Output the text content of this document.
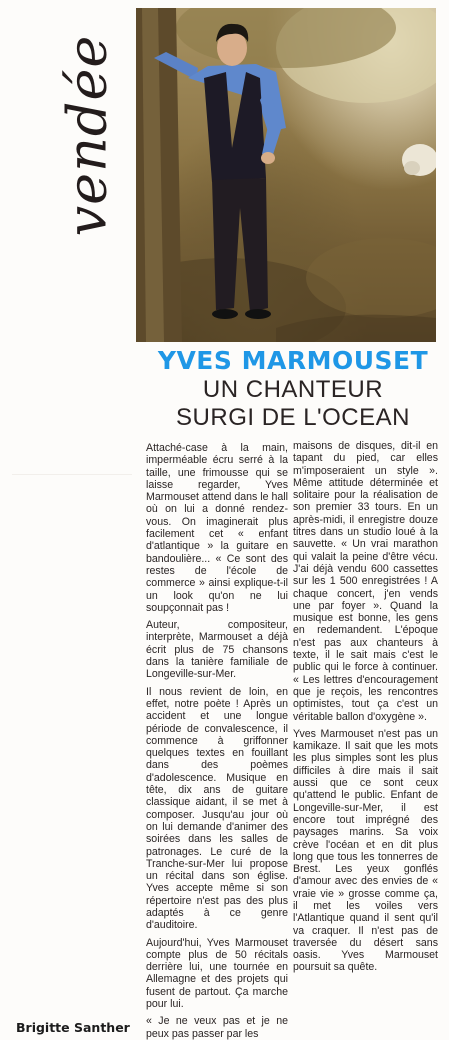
vendée
YVES MARMOUSET
UN CHANTEUR
SURGI DE L'OCEAN

Attaché-case à la main, imperméable écru serré à la taille, une frimousse qui se laisse regarder, Yves Marmouset attend dans le hall où on lui a donné rendez-vous. On imaginerait plus facilement cet « enfant d'atlantique » la guitare en bandoulière... « Ce sont des restes de l'école de commerce » ainsi explique-t-il un look qu'on ne lui soupçonnait pas !

Auteur, compositeur, interprète, Marmouset a déjà écrit plus de 75 chansons dans la tanière familiale de Longeville-sur-Mer.

Il nous revient de loin, en effet, notre poète ! Après un accident et une longue période de convalescence, il commence à griffonner quelques textes en fouillant dans des poèmes d'adolescence. Musique en tête, dix ans de guitare classique aidant, il se met à composer. Jusqu'au jour où on lui demande d'animer des soirées dans les salles de patronages. Le curé de la Tranche-sur-Mer lui propose un récital dans son église. Yves accepte même si son répertoire n'est pas des plus adaptés à ce genre d'auditoire.

Aujourd'hui, Yves Marmouset compte plus de 50 récitals derrière lui, une tournée en Allemagne et des projets qui fusent de partout. Ça marche pour lui.

« Je ne veux pas et je ne peux pas passer par les

maisons de disques, dit-il en tapant du pied, car elles m'imposeraient un style ». Même attitude déterminée et solitaire pour la réalisation de son premier 33 tours. En un après-midi, il enregistre douze titres dans un studio loué à la sauvette. « Un vrai marathon qui valait la peine d'être vécu. J'ai déjà vendu 600 cassettes sur les 1 500 enregistrées ! A chaque concert, j'en vends une par foyer ». Quand la musique est bonne, les gens en redemandent. L'époque n'est pas aux chanteurs à texte, il le sait mais c'est le public qui le force à continuer. « Les lettres d'encouragement que je reçois, les rencontres optimistes, tout ça c'est un véritable ballon d'oxygène ».

Yves Marmouset n'est pas un kamikaze. Il sait que les mots les plus simples sont les plus difficiles à dire mais il sait aussi que ce sont ceux qu'attend le public. Enfant de Longeville-sur-Mer, il est encore tout imprégné des paysages marins. Sa voix crève l'océan et en dit plus long que tous les tonnerres de Brest. Les yeux gonflés d'amour avec des envies de « vraie vie » grosse comme ça, il met les voiles vers l'Atlantique quand il sent qu'il va craquer. Il n'est pas de traversée du désert sans oasis. Yves Marmouset poursuit sa quête.

Brigitte Santher
